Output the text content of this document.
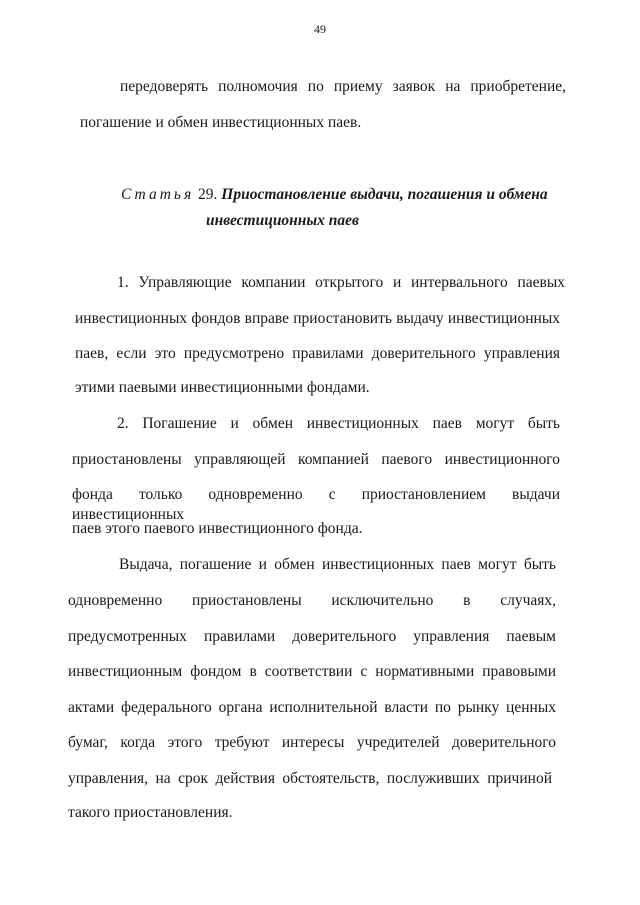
49
передоверять полномочия по приему заявок на приобретение,
погашение и обмен инвестиционных паев.
Статья 29. Приостановление выдачи, погашения и обмена
инвестиционных паев
1. Управляющие компании открытого и интервального паевых
инвестиционных фондов вправе приостановить выдачу инвестиционных
паев, если это предусмотрено правилами доверительного управления
этими паевыми инвестиционными фондами.
2. Погашение и обмен инвестиционных паев могут быть
приостановлены управляющей компанией паевого инвестиционного
фонда только одновременно с приостановлением выдачи инвестиционных
паев этого паевого инвестиционного фонда.
Выдача, погашение и обмен инвестиционных паев могут быть
одновременно приостановлены исключительно в случаях,
предусмотренных правилами доверительного управления паевым
инвестиционным фондом в соответствии с нормативными правовыми
актами федерального органа исполнительной власти по рынку ценных
бумаг, когда этого требуют интересы учредителей доверительного
управления, на срок действия обстоятельств, послуживших причиной
такого приостановления.
